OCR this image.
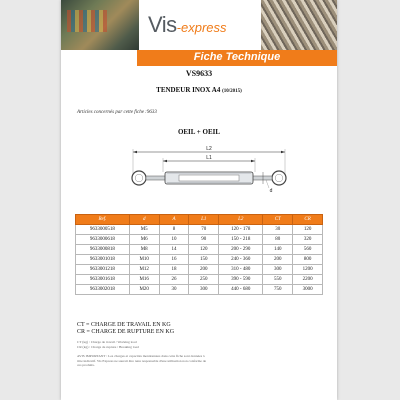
Vis-express
Fiche Technique
VS9633
TENDEUR INOX A4 (10/2015)
Articles concernés par cette fiche :9633
OEIL + OEIL
L2
L1
d
Ref.	d	A	L1	L2	CT	CR
9633000518	M5	8	70	120 - 178	30	120
9633000618	M6	10	90	150 - 218	80	320
9633000818	M8	14	120	200 - 290	140	560
9633001018	M10	16	150	240 - 360	200	800
9633001218	M12	18	200	310 - 480	300	1200
9633001618	M16	26	250	390 - 590	550	2200
9633002018	M20	30	300	440 - 680	750	3000
CT = CHARGE DE TRAVAIL EN KG
CR = CHARGE DE RUPTURE EN KG
CT (kg) : Charge de travail / Working load
CR (kg) : Charge de rupture / Breaking load
AVIS IMPORTANT : Les charges et capacités mentionnées dans cette fiche sont données à titre indicatif. Vis Express ne saurait être tenu responsable d'une utilisation non conforme de ces produits.
